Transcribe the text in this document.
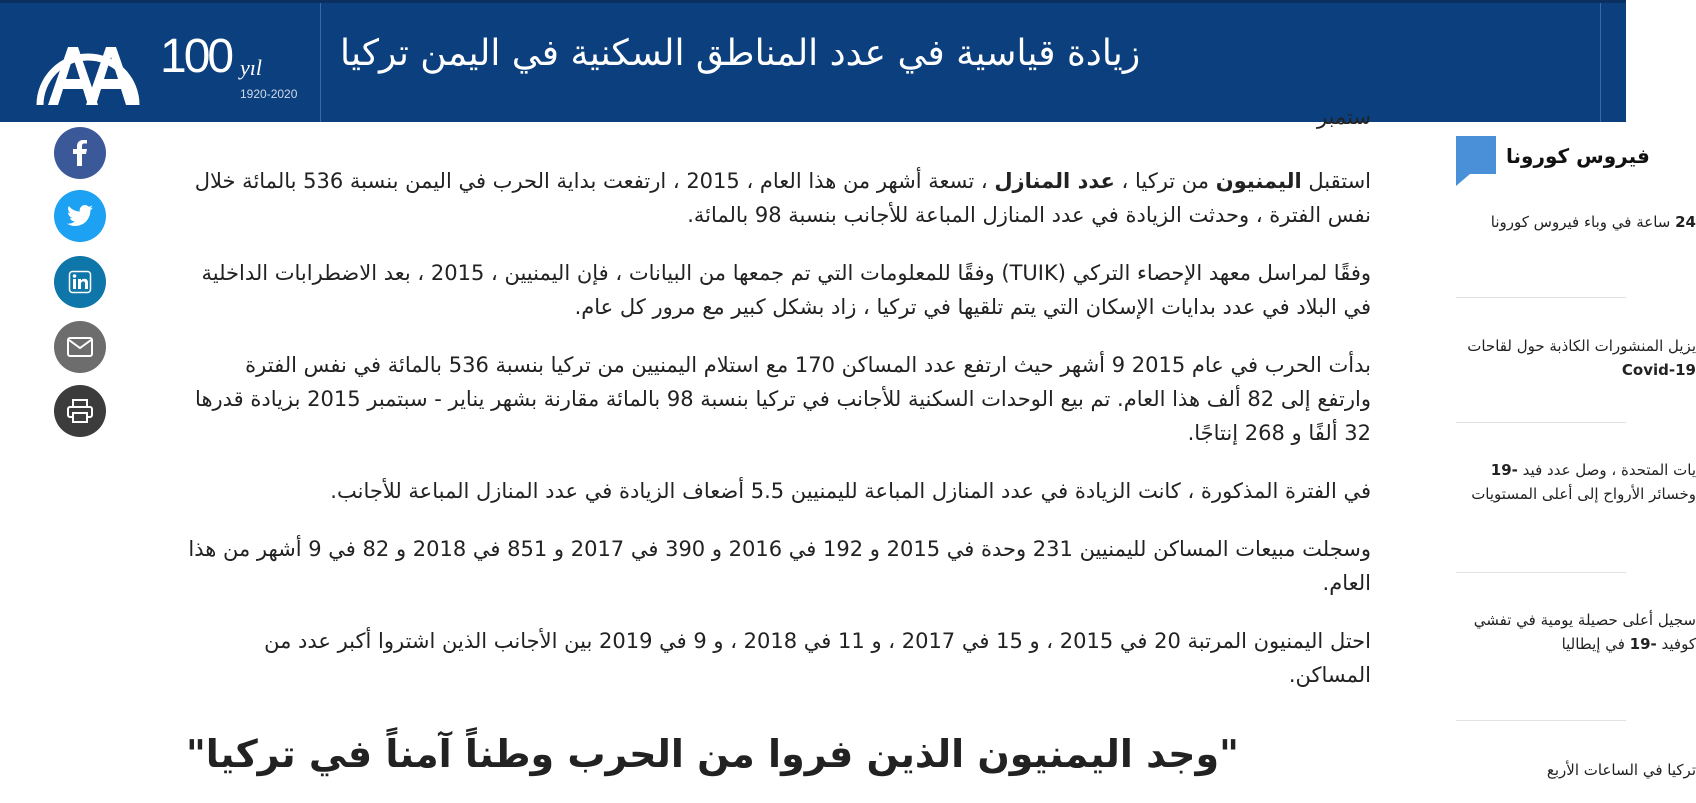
100 yıl
1920-2020
زيادة قياسية في عدد المناطق السكنية في اليمن تركيا

استقبل اليمنيون من تركيا ، عدد المنازل ، تسعة أشهر من هذا العام ، 2015 ، ارتفعت بداية الحرب في اليمن بنسبة 536 بالمائة خلال نفس الفترة ، وحدثت الزيادة في عدد المنازل المباعة للأجانب بنسبة 98 بالمائة.

وفقًا لمراسل معهد الإحصاء التركي (TUIK) وفقًا للمعلومات التي تم جمعها من البيانات ، فإن اليمنيين ، 2015 ، بعد الاضطرابات الداخلية في البلاد في عدد بدايات الإسكان التي يتم تلقيها في تركيا ، زاد بشكل كبير مع مرور كل عام.

بدأت الحرب في عام 2015 9 أشهر حيث ارتفع عدد المساكن 170 مع استلام اليمنيين من تركيا بنسبة 536 بالمائة في نفس الفترة وارتفع إلى 82 ألف هذا العام. تم بيع الوحدات السكنية للأجانب في تركيا بنسبة 98 بالمائة مقارنة بشهر يناير - سبتمبر 2015 بزيادة قدرها 32 ألفًا و 268 إنتاجًا.

في الفترة المذكورة ، كانت الزيادة في عدد المنازل المباعة لليمنيين 5.5 أضعاف الزيادة في عدد المنازل المباعة للأجانب.

وسجلت مبيعات المساكن لليمنيين 231 وحدة في 2015 و 192 في 2016 و 390 في 2017 و 851 في 2018 و 82 في 9 أشهر من هذا العام.

احتل اليمنيون المرتبة 20 في 2015 ، و 15 في 2017 ، و 11 في 2018 ، و 9 في 2019 بين الأجانب الذين اشتروا أكبر عدد من المساكن.

"وجد اليمنيون الذين فروا من الحرب وطناً آمناً في تركيا"
فيروس كورونا
24 ساعة في وباء فيروس كورونا
يزيل المنشورات الكاذبة حول لقاحات Covid-19
يات المتحدة ، وصل عدد فيد -19 وخسائر الأرواح إلى أعلى المستويات
سجيل أعلى حصيلة يومية في تفشي كوفيد -19 في إيطاليا
تركيا في الساعات الأربع
